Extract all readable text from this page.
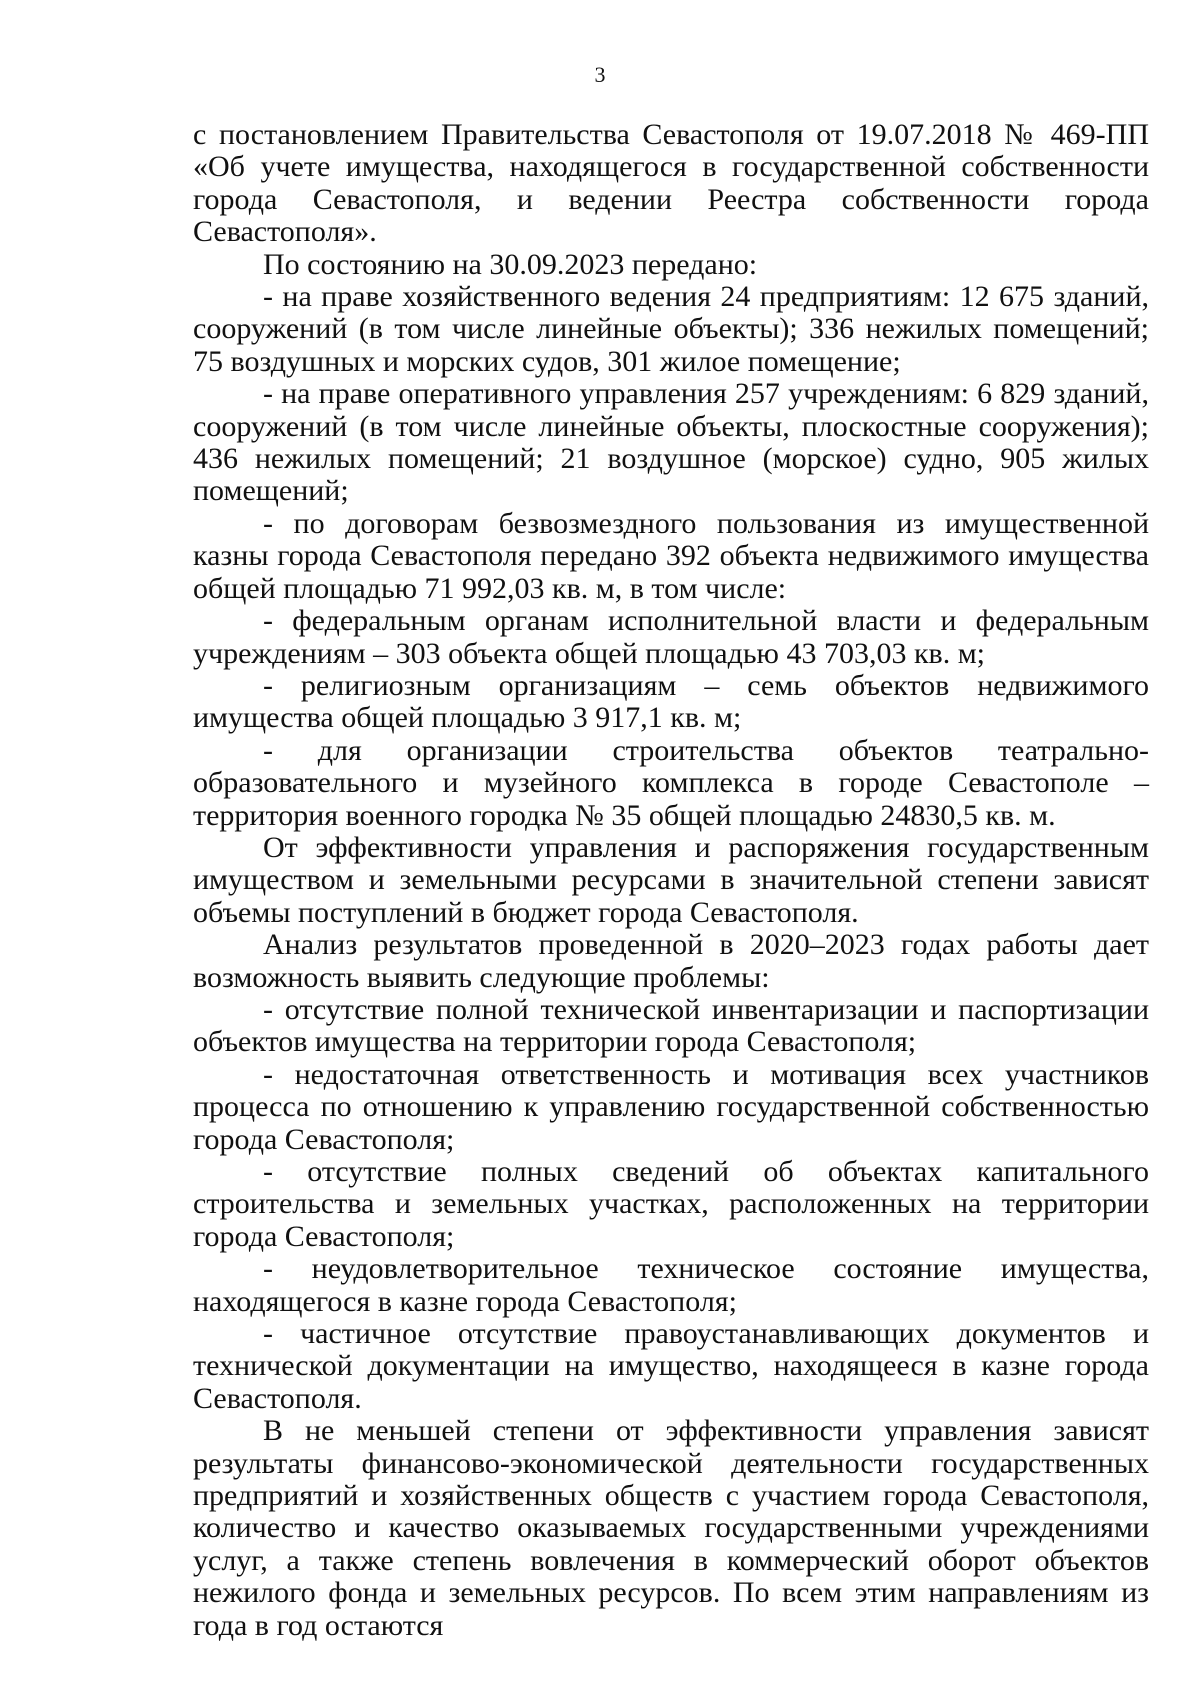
3

с постановлением Правительства Севастополя от 19.07.2018 № 469-ПП «Об учете имущества, находящегося в государственной собственности города Севастополя, и ведении Реестра собственности города Севастополя».

По состоянию на 30.09.2023 передано:

- на праве хозяйственного ведения 24 предприятиям: 12 675 зданий, сооружений (в том числе линейные объекты); 336 нежилых помещений; 75 воздушных и морских судов, 301 жилое помещение;

- на праве оперативного управления 257 учреждениям: 6 829 зданий, сооружений (в том числе линейные объекты, плоскостные сооружения); 436 нежилых помещений; 21 воздушное (морское) судно, 905 жилых помещений;

- по договорам безвозмездного пользования из имущественной казны города Севастополя передано 392 объекта недвижимого имущества общей площадью 71 992,03 кв. м, в том числе:

- федеральным органам исполнительной власти и федеральным учреждениям – 303 объекта общей площадью 43 703,03 кв. м;

- религиозным организациям – семь объектов недвижимого имущества общей площадью 3 917,1 кв. м;

- для организации строительства объектов театрально-образовательного и музейного комплекса в городе Севастополе – территория военного городка № 35 общей площадью 24830,5 кв. м.

От эффективности управления и распоряжения государственным имуществом и земельными ресурсами в значительной степени зависят объемы поступлений в бюджет города Севастополя.

Анализ результатов проведенной в 2020–2023 годах работы дает возможность выявить следующие проблемы:

- отсутствие полной технической инвентаризации и паспортизации объектов имущества на территории города Севастополя;

- недостаточная ответственность и мотивация всех участников процесса по отношению к управлению государственной собственностью города Севастополя;

- отсутствие полных сведений об объектах капитального строительства и земельных участках, расположенных на территории города Севастополя;

- неудовлетворительное техническое состояние имущества, находящегося в казне города Севастополя;

- частичное отсутствие правоустанавливающих документов и технической документации на имущество, находящееся в казне города Севастополя.

В не меньшей степени от эффективности управления зависят результаты финансово-экономической деятельности государственных предприятий и хозяйственных обществ с участием города Севастополя, количество и качество оказываемых государственными учреждениями услуг, а также степень вовлечения в коммерческий оборот объектов нежилого фонда и земельных ресурсов. По всем этим направлениям из года в год остаются
